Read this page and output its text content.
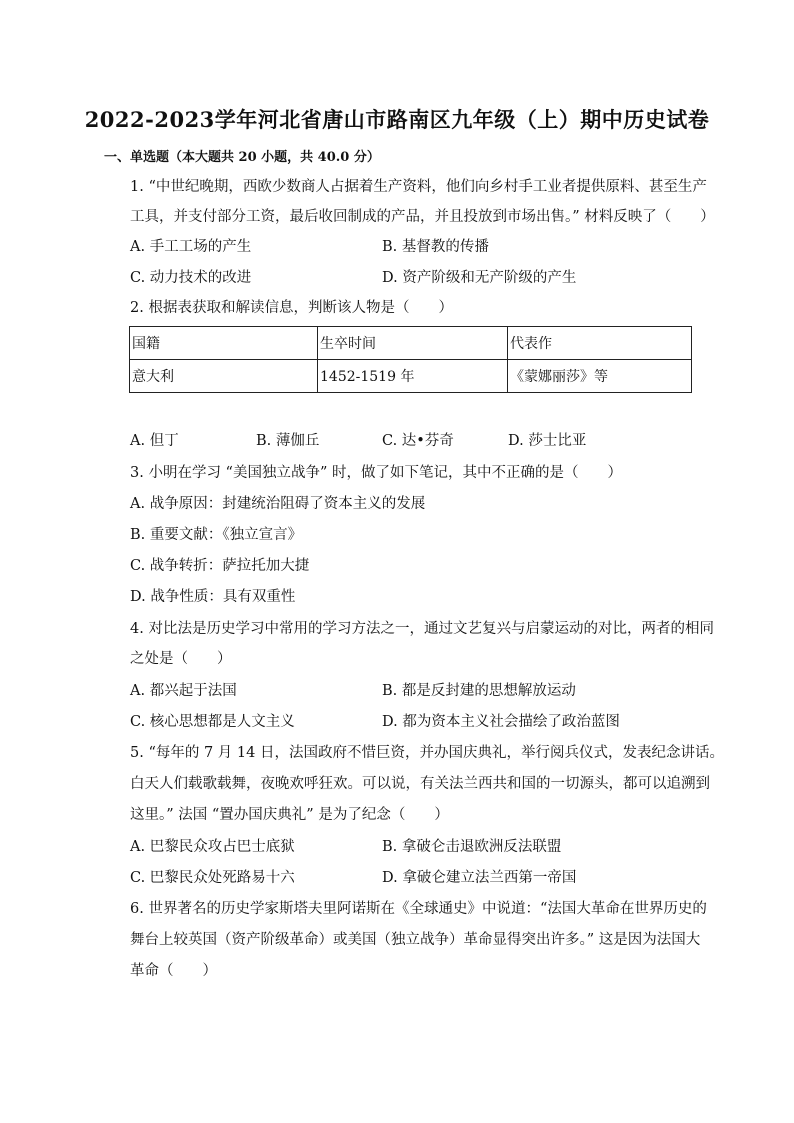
2022-2023学年河北省唐山市路南区九年级（上）期中历史试卷
一、单选题（本大题共 20 小题，共 40.0 分）
1. “中世纪晚期，西欧少数商人占据着生产资料，他们向乡村手工业者提供原料、甚至生产
工具，并支付部分工资，最后收回制成的产品，并且投放到市场出售。” 材料反映了（　　）
A. 手工工场的产生	B. 基督教的传播
C. 动力技术的改进	D. 资产阶级和无产阶级的产生
2. 根据表获取和解读信息，判断该人物是（　　）
国籍	生卒时间	代表作
意大利	1452-1519 年	《蒙娜丽莎》等
A. 但丁	B. 薄伽丘	C. 达•芬奇	D. 莎士比亚
3. 小明在学习 “美国独立战争” 时，做了如下笔记，其中不正确的是（　　）
A. 战争原因：封建统治阻碍了资本主义的发展
B. 重要文献：《独立宣言》
C. 战争转折：萨拉托加大捷
D. 战争性质：具有双重性
4. 对比法是历史学习中常用的学习方法之一，通过文艺复兴与启蒙运动的对比，两者的相同
之处是（　　）
A. 都兴起于法国	B. 都是反封建的思想解放运动
C. 核心思想都是人文主义	D. 都为资本主义社会描绘了政治蓝图
5. “每年的 7 月 14 日，法国政府不惜巨资，并办国庆典礼，举行阅兵仪式，发表纪念讲话。
白天人们载歌载舞，夜晚欢呼狂欢。可以说，有关法兰西共和国的一切源头，都可以追溯到
这里。” 法国 “置办国庆典礼” 是为了纪念（　　）
A. 巴黎民众攻占巴士底狱	B. 拿破仑击退欧洲反法联盟
C. 巴黎民众处死路易十六	D. 拿破仑建立法兰西第一帝国
6. 世界著名的历史学家斯塔夫里阿诺斯在《全球通史》中说道：“法国大革命在世界历史的
舞台上较英国（资产阶级革命）或美国（独立战争）革命显得突出许多。” 这是因为法国大
革命（　　）
